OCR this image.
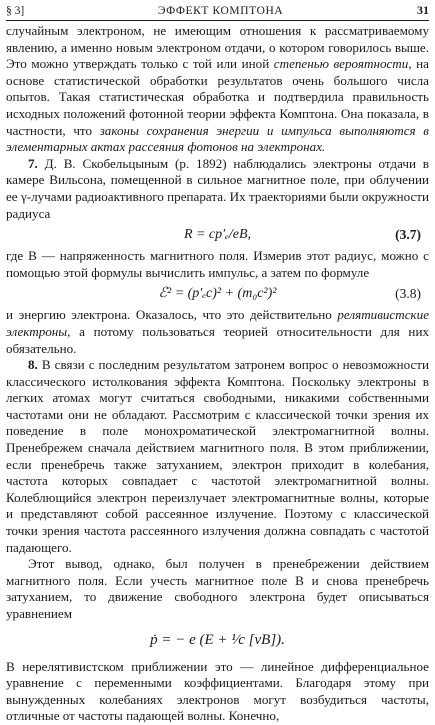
§ 3]	ЭФФЕКТ КОМПТОНА	31

случайным электроном, не имеющим отношения к рассматриваемому явлению, а именно новым электроном отдачи, о котором говорилось выше. Это можно утверждать только с той или иной степенью вероятности, на основе статистической обработки результатов очень большого числа опытов. Такая статистическая обработка и подтвердила правильность исходных положений фотонной теории эффекта Комптона. Она показала, в частности, что законы сохранения энергии и импульса выполняются в элементарных актах рассеяния фотонов на электронах.

7. Д. В. Скобельцыным (р. 1892) наблюдались электроны отдачи в камере Вильсона, помещенной в сильное магнитное поле, при облучении ее γ-лучами радиоактивного препарата. Их траекториями были окружности радиуса

R = cp′ₑ/eB,	(3.7)

где B — напряженность магнитного поля. Измерив этот радиус, можно с помощью этой формулы вычислить импульс, а затем по формуле

ℰ² = (p′ₑc)² + (m₀c²)²	(3.8)

и энергию электрона. Оказалось, что это действительно релятивистские электроны, а потому пользоваться теорией относительности для них обязательно.

8. В связи с последним результатом затронем вопрос о невозможности классического истолкования эффекта Комптона. Поскольку электроны в легких атомах могут считаться свободными, никакими собственными частотами они не обладают. Рассмотрим с классической точки зрения их поведение в поле монохроматической электромагнитной волны. Пренебрежем сначала действием магнитного поля. В этом приближении, если пренебречь также затуханием, электрон приходит в колебания, частота которых совпадает с частотой электромагнитной волны. Колеблющийся электрон переизлучает электромагнитные волны, которые и представляют собой рассеянное излучение. Поэтому с классической точки зрения частота рассеянного излучения должна совпадать с частотой падающего.

Этот вывод, однако, был получен в пренебрежении действием магнитного поля. Если учесть магнитное поле B и снова пренебречь затуханием, то движение свободного электрона будет описываться уравнением

ṗ = − e (E + ¹⁄c [vB]).

В нерелятивистском приближении это — линейное дифференциальное уравнение с переменными коэффициентами. Благодаря этому при вынужденных колебаниях электронов могут возбудиться частоты, отличные от частоты падающей волны. Конечно,
